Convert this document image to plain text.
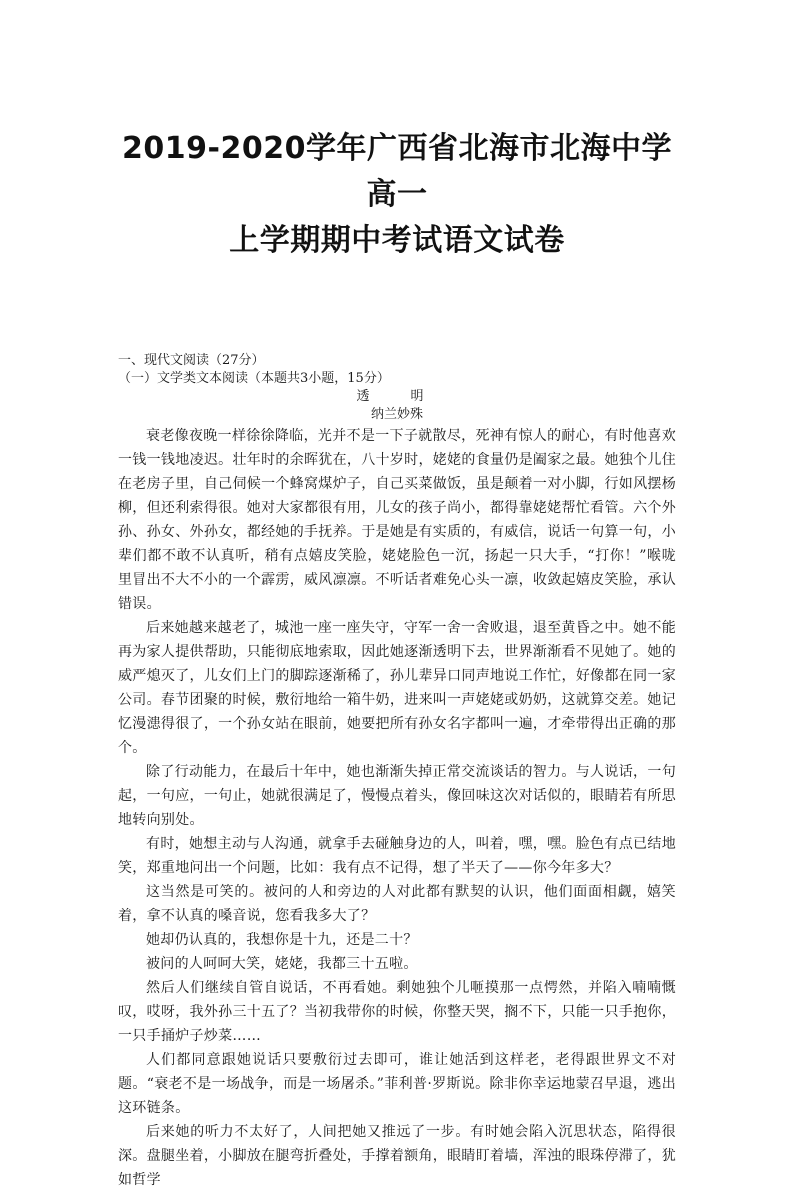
2019-2020学年广西省北海市北海中学高一
上学期期中考试语文试卷

一、现代文阅读（27分）

（一）文学类文本阅读（本题共3小题，15分）

透　明

纳兰妙殊

衰老像夜晚一样徐徐降临，光并不是一下子就散尽，死神有惊人的耐心，有时他喜欢一钱一钱地凌迟。壮年时的余晖犹在，八十岁时，姥姥的食量仍是阖家之最。她独个儿住在老房子里，自己伺候一个蜂窝煤炉子，自己买菜做饭，虽是颠着一对小脚，行如风摆杨柳，但还利索得很。她对大家都很有用，儿女的孩子尚小，都得靠姥姥帮忙看管。六个外孙、孙女、外孙女，都经她的手抚养。于是她是有实质的，有威信，说话一句算一句，小辈们都不敢不认真听，稍有点嬉皮笑脸，姥姥脸色一沉，扬起一只大手，“打你！”喉咙里冒出不大不小的一个霹雳，威风凛凛。不听话者难免心头一凛，收敛起嬉皮笑脸，承认错误。

后来她越来越老了，城池一座一座失守，守军一舍一舍败退，退至黄昏之中。她不能再为家人提供帮助，只能彻底地索取，因此她逐渐透明下去，世界渐渐看不见她了。她的威严熄灭了，儿女们上门的脚踪逐渐稀了，孙儿辈异口同声地说工作忙，好像都在同一家公司。春节团聚的时候，敷衍地给一箱牛奶，进来叫一声姥姥或奶奶，这就算交差。她记忆漫漶得很了，一个孙女站在眼前，她要把所有孙女名字都叫一遍，才牵带得出正确的那个。

除了行动能力，在最后十年中，她也渐渐失掉正常交流谈话的智力。与人说话，一句起，一句应，一句止，她就很满足了，慢慢点着头，像回味这次对话似的，眼睛若有所思地转向别处。

有时，她想主动与人沟通，就拿手去碰触身边的人，叫着，嘿，嘿。脸色有点已结地笑，郑重地问出一个问题，比如：我有点不记得，想了半天了——你今年多大？

这当然是可笑的。被问的人和旁边的人对此都有默契的认识，他们面面相觑，嬉笑着，拿不认真的嗓音说，您看我多大了？

她却仍认真的，我想你是十九，还是二十？

被问的人呵呵大笑，姥姥，我都三十五啦。

然后人们继续自管自说话，不再看她。剩她独个儿咂摸那一点愕然，并陷入喃喃慨叹，哎呀，我外孙三十五了？当初我带你的时候，你整天哭，搁不下，只能一只手抱你，一只手捅炉子炒菜……

人们都同意跟她说话只要敷衍过去即可，谁让她活到这样老，老得跟世界文不对题。“衰老不是一场战争，而是一场屠杀。”菲利普·罗斯说。除非你幸运地蒙召早退，逃出这环链条。

后来她的听力不太好了，人间把她又推远了一步。有时她会陷入沉思状态，陷得很深。盘腿坐着，小脚放在腿弯折叠处，手撑着额角，眼睛盯着墙，浑浊的眼珠停滞了，犹如哲学
